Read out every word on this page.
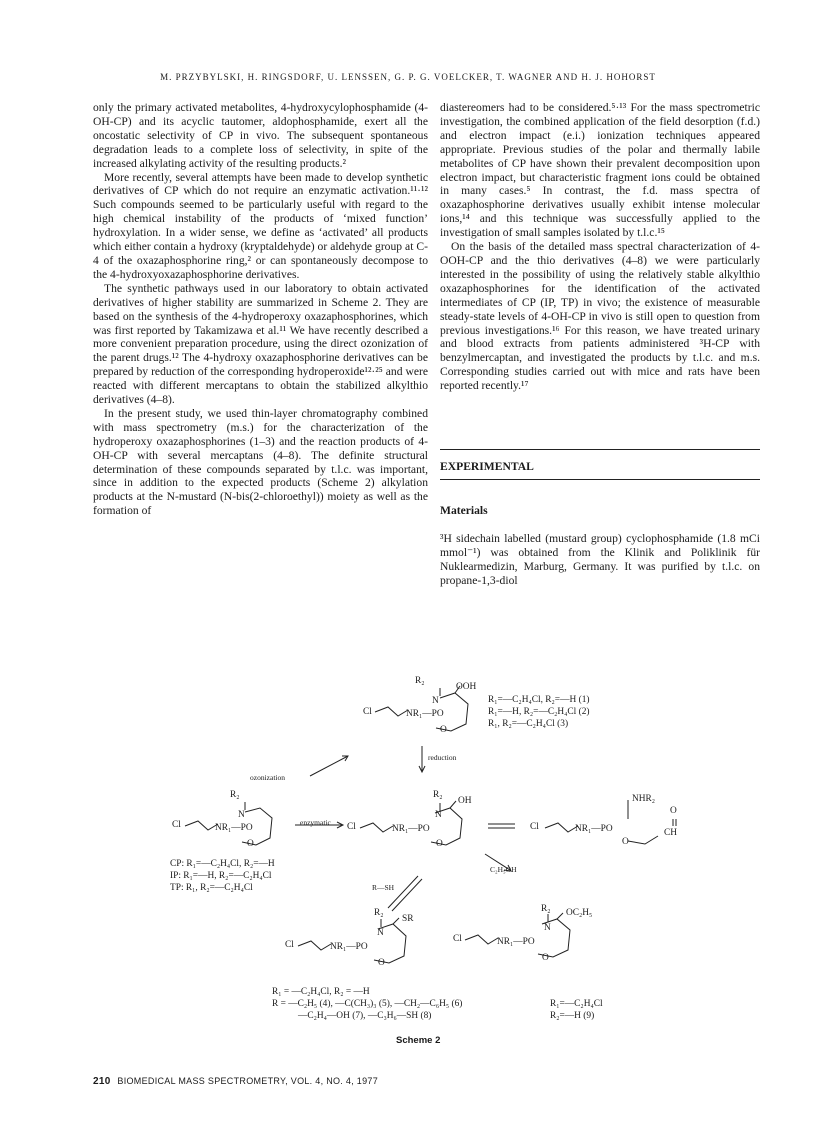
M. PRZYBYLSKI, H. RINGSDORF, U. LENSSEN, G. P. G. VOELCKER, T. WAGNER AND H. J. HOHORST

only the primary activated metabolites, 4-hydroxycylophosphamide (4-OH-CP) and its acyclic tautomer, aldophosphamide, exert all the oncostatic selectivity of CP in vivo. The subsequent spontaneous degradation leads to a complete loss of selectivity, in spite of the increased alkylating activity of the resulting products.²

More recently, several attempts have been made to develop synthetic derivatives of CP which do not require an enzymatic activation.¹¹·¹² Such compounds seemed to be particularly useful with regard to the high chemical instability of the products of ‘mixed function’ hydroxylation. In a wider sense, we define as ‘activated’ all products which either contain a hydroxy (kryptaldehyde) or aldehyde group at C-4 of the oxazaphosphorine ring,² or can spontaneously decompose to the 4-hydroxyoxazaphosphorine derivatives.

The synthetic pathways used in our laboratory to obtain activated derivatives of higher stability are summarized in Scheme 2. They are based on the synthesis of the 4-hydroperoxy oxazaphosphorines, which was first reported by Takamizawa et al.¹¹ We have recently described a more convenient preparation procedure, using the direct ozonization of the parent drugs.¹² The 4-hydroxy oxazaphosphorine derivatives can be prepared by reduction of the corresponding hydroperoxide¹²·²⁵ and were reacted with different mercaptans to obtain the stabilized alkylthio derivatives (4–8).

In the present study, we used thin-layer chromatography combined with mass spectrometry (m.s.) for the characterization of the hydroperoxy oxazaphosphorines (1–3) and the reaction products of 4-OH-CP with several mercaptans (4–8). The definite structural determination of these compounds separated by t.l.c. was important, since in addition to the expected products (Scheme 2) alkylation products at the N-mustard (N-bis(2-chloroethyl)) moiety as well as the formation of

diastereomers had to be considered.⁵·¹³ For the mass spectrometric investigation, the combined application of the field desorption (f.d.) and electron impact (e.i.) ionization techniques appeared appropriate. Previous studies of the polar and thermally labile metabolites of CP have shown their prevalent decomposition upon electron impact, but characteristic fragment ions could be obtained in many cases.⁵ In contrast, the f.d. mass spectra of oxazaphosphorine derivatives usually exhibit intense molecular ions,¹⁴ and this technique was successfully applied to the investigation of small samples isolated by t.l.c.¹⁵

On the basis of the detailed mass spectral characterization of 4-OOH-CP and the thio derivatives (4–8) we were particularly interested in the possibility of using the relatively stable alkylthio oxazaphosphorines for the identification of the activated intermediates of CP (IP, TP) in vivo; the existence of measurable steady-state levels of 4-OH-CP in vivo is still open to question from previous investigations.¹⁶ For this reason, we have treated urinary and blood extracts from patients administered ³H-CP with benzylmercaptan, and investigated the products by t.l.c. and m.s. Corresponding studies carried out with mice and rats have been reported recently.¹⁷

EXPERIMENTAL
Materials

³H sidechain labelled (mustard group) cyclophosphamide (1.8 mCi mmol⁻¹) was obtained from the Klinik and Poliklinik für Nuklearmedizin, Marburg, Germany. It was purified by t.l.c. on propane-1,3-diol

R₂
OOH
N
Cl	NR₁—PO
O
R₁=—C₂H₄Cl, R₂=—H (1)
R₁=—H, R₂=—C₂H₄Cl (2)
R₁, R₂=—C₂H₄Cl (3)
ozonization
reduction
R₂
N
Cl	NR₁—PO
O
enzymatic
R₂
OH
N
Cl	NR₁—PO
O
NHR₂
Cl	NR₁—PO
O
O
CH
CP: R₁=—C₂H₄Cl, R₂=—H
IP: R₁=—H, R₂=—C₂H₄Cl
TP: R₁, R₂=—C₂H₄Cl
C₂H₅OH
R—SH
R₂
SR
N
Cl	NR₁—PO
O
R₂ OC₂H₅
N
Cl	NR₁—PO
O
R₁ = —C₂H₄Cl, R₂ = —H
R = —C₂H₅ (4), —C(CH₃)₃ (5), —CH₂—C₆H₅ (6)
—C₂H₄—OH (7), —C₃H₆—SH (8)
R₁=—C₂H₄Cl
R₂=—H (9)
Scheme 2
210 BIOMEDICAL MASS SPECTROMETRY, VOL. 4, NO. 4, 1977
